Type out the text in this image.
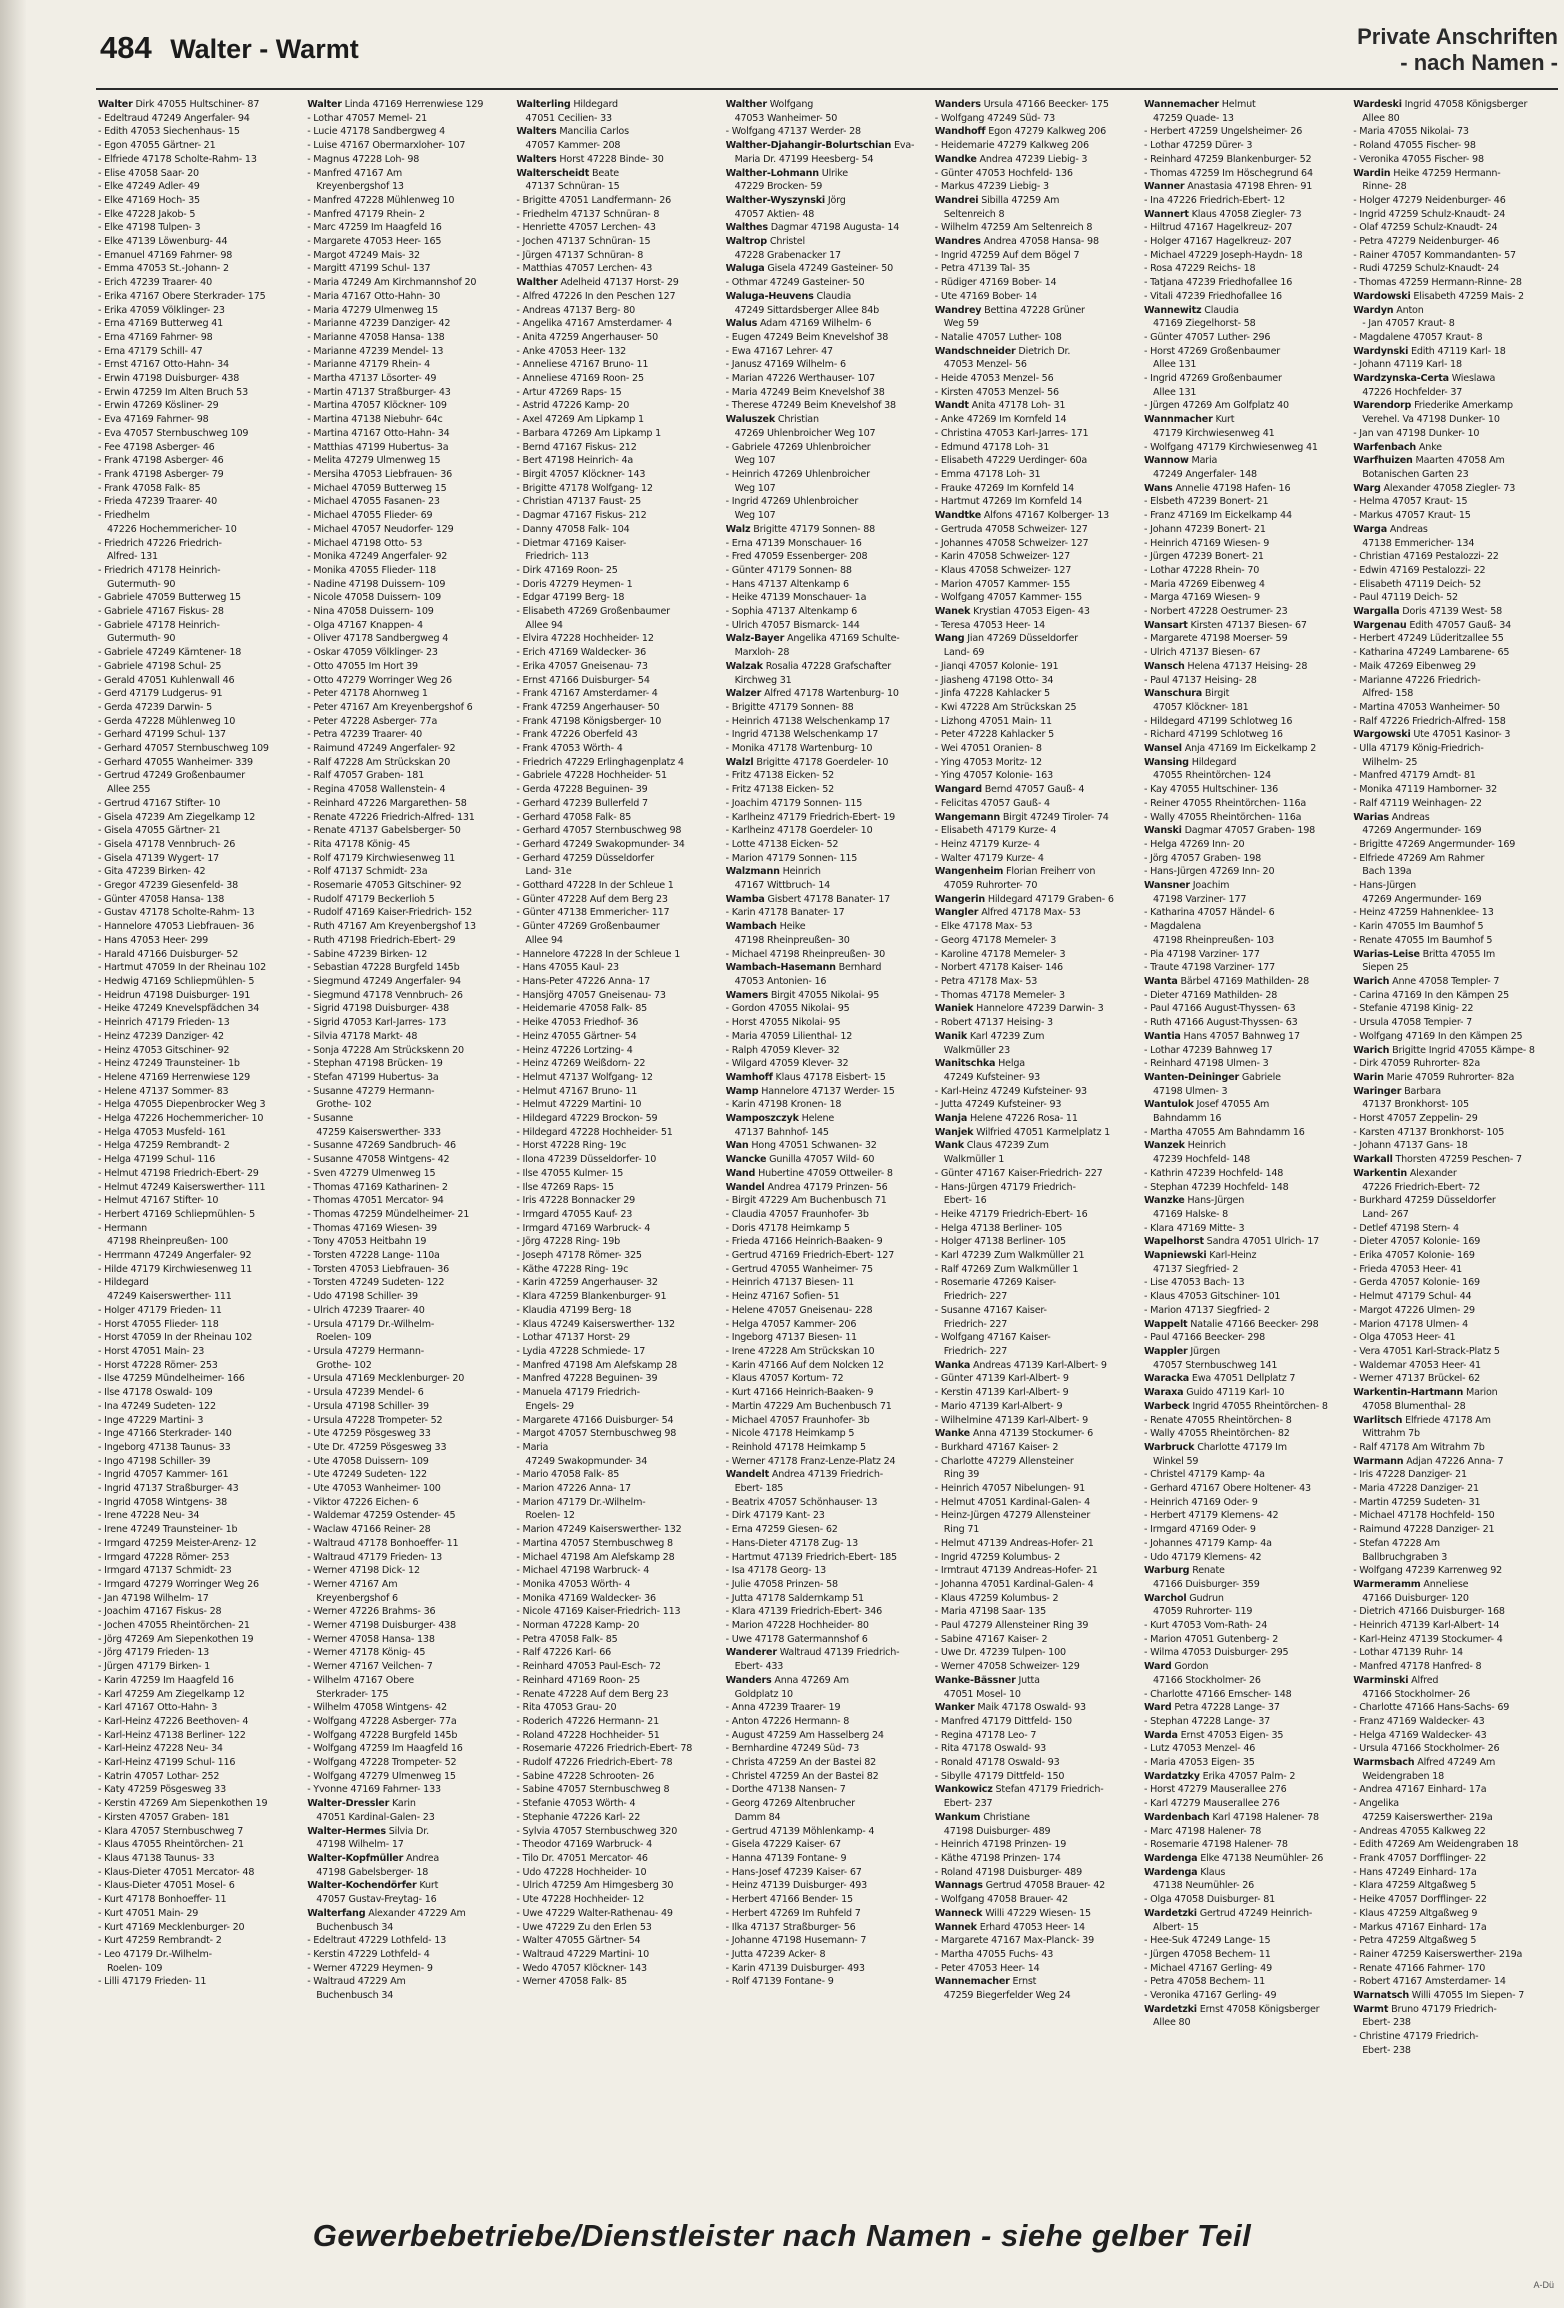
484 Walter - Warmt	Private Anschriften
- nach Namen -
Walter Dirk 47055 Hultschiner- 87
- Edeltraud 47249 Angerfaler- 94
- Edith 47053 Siechenhaus- 15
- Egon 47055 Gärtner- 21
- Elfriede 47178 Scholte-Rahm- 13
- Elise 47058 Saar- 20
- Elke 47249 Adler- 49
- Elke 47169 Hoch- 35
- Elke 47228 Jakob- 5
- Elke 47198 Tulpen- 3
- Elke 47139 Löwenburg- 44
- Emanuel 47169 Fahrner- 98
- Emma 47053 St.-Johann- 2
- Erich 47239 Traarer- 40
- Erika 47167 Obere Sterkrader- 175
- Erika 47059 Völklinger- 23
- Erna 47169 Butterweg 41
- Erna 47169 Fahrner- 98
- Erna 47179 Schill- 47
- Ernst 47167 Otto-Hahn- 34
- Erwin 47198 Duisburger- 438
- Erwin 47259 Im Alten Bruch 53
- Erwin 47269 Kösliner- 29
- Eva 47169 Fahrner- 98
- Eva 47057 Sternbuschweg 109
- Fee 47198 Asberger- 46
- Frank 47198 Asberger- 46
- Frank 47198 Asberger- 79
- Frank 47058 Falk- 85
- Frieda 47239 Traarer- 40
- Friedhelm
47226 Hochemmericher- 10
- Friedrich 47226 Friedrich-
Alfred- 131
- Friedrich 47178 Heinrich-
Gutermuth- 90
- Gabriele 47059 Butterweg 15
- Gabriele 47167 Fiskus- 28
- Gabriele 47178 Heinrich-
Gutermuth- 90
- Gabriele 47249 Kärntener- 18
- Gabriele 47198 Schul- 25
- Gerald 47051 Kuhlenwall 46
- Gerd 47179 Ludgerus- 91
- Gerda 47239 Darwin- 5
- Gerda 47228 Mühlenweg 10
- Gerhard 47199 Schul- 137
- Gerhard 47057 Sternbuschweg 109
- Gerhard 47055 Wanheimer- 339
- Gertrud 47249 Großenbaumer
Allee 255
- Gertrud 47167 Stifter- 10
- Gisela 47239 Am Ziegelkamp 12
- Gisela 47055 Gärtner- 21
- Gisela 47178 Vennbruch- 26
- Gisela 47139 Wygert- 17
- Gita 47239 Birken- 42
- Gregor 47239 Giesenfeld- 38
- Günter 47058 Hansa- 138
- Gustav 47178 Scholte-Rahm- 13
- Hannelore 47053 Liebfrauen- 36
- Hans 47053 Heer- 299
- Harald 47166 Duisburger- 52
- Hartmut 47059 In der Rheinau 102
- Hedwig 47169 Schliepmühlen- 5
- Heidrun 47198 Duisburger- 191
- Heike 47249 Knevelspfädchen 34
- Heinrich 47179 Frieden- 13
- Heinz 47239 Danziger- 42
- Heinz 47053 Gitschiner- 92
- Heinz 47249 Traunsteiner- 1b
- Helene 47169 Herrenwiese 129
- Helene 47137 Sommer- 83
- Helga 47055 Diepenbrocker Weg 3
- Helga 47226 Hochemmericher- 10
- Helga 47053 Musfeld- 161
- Helga 47259 Rembrandt- 2
- Helga 47199 Schul- 116
- Helmut 47198 Friedrich-Ebert- 29
- Helmut 47249 Kaiserswerther- 111
- Helmut 47167 Stifter- 10
- Herbert 47169 Schliepmühlen- 5
- Hermann
47198 Rheinpreußen- 100
- Herrmann 47249 Angerfaler- 92
- Hilde 47179 Kirchwiesenweg 11
- Hildegard
47249 Kaiserswerther- 111
- Holger 47179 Frieden- 11
- Horst 47055 Flieder- 118
- Horst 47059 In der Rheinau 102
- Horst 47051 Main- 23
- Horst 47228 Römer- 253
- Ilse 47259 Mündelheimer- 166
- Ilse 47178 Oswald- 109
- Ina 47249 Sudeten- 122
- Inge 47229 Martini- 3
- Inge 47166 Sterkrader- 140
- Ingeborg 47138 Taunus- 33
- Ingo 47198 Schiller- 39
- Ingrid 47057 Kammer- 161
- Ingrid 47137 Straßburger- 43
- Ingrid 47058 Wintgens- 38
- Irene 47228 Neu- 34
- Irene 47249 Traunsteiner- 1b
- Irmgard 47259 Meister-Arenz- 12
- Irmgard 47228 Römer- 253
- Irmgard 47137 Schmidt- 23
- Irmgard 47279 Worringer Weg 26
- Jan 47198 Wilhelm- 17
- Joachim 47167 Fiskus- 28
- Jochen 47055 Rheintörchen- 21
- Jörg 47269 Am Siepenkothen 19
- Jörg 47179 Frieden- 13
- Jürgen 47179 Birken- 1
- Karin 47259 Im Haagfeld 16
- Karl 47259 Am Ziegelkamp 12
- Karl 47167 Otto-Hahn- 3
- Karl-Heinz 47226 Beethoven- 4
- Karl-Heinz 47138 Berliner- 122
- Karl-Heinz 47228 Neu- 34
- Karl-Heinz 47199 Schul- 116
- Katrin 47057 Lothar- 252
- Katy 47259 Pösgesweg 33
- Kerstin 47269 Am Siepenkothen 19
- Kirsten 47057 Graben- 181
- Klara 47057 Sternbuschweg 7
- Klaus 47055 Rheintörchen- 21
- Klaus 47138 Taunus- 33
- Klaus-Dieter 47051 Mercator- 48
- Klaus-Dieter 47051 Mosel- 6
- Kurt 47178 Bonhoeffer- 11
- Kurt 47051 Main- 29
- Kurt 47169 Mecklenburger- 20
- Kurt 47259 Rembrandt- 2
- Leo 47179 Dr.-Wilhelm-
Roelen- 109
- Lilli 47179 Frieden- 11
Walter Linda 47169 Herrenwiese 129
- Lothar 47057 Memel- 21
- Lucie 47178 Sandbergweg 4
- Luise 47167 Obermarxloher- 107
- Magnus 47228 Loh- 98
- Manfred 47167 Am
Kreyenbergshof 13
- Manfred 47228 Mühlenweg 10
- Manfred 47179 Rhein- 2
- Marc 47259 Im Haagfeld 16
- Margarete 47053 Heer- 165
- Margot 47249 Mais- 32
- Margitt 47199 Schul- 137
- Maria 47249 Am Kirchmannshof 20
- Maria 47167 Otto-Hahn- 30
- Maria 47279 Ulmenweg 15
- Marianne 47239 Danziger- 42
- Marianne 47058 Hansa- 138
- Marianne 47239 Mendel- 13
- Marianne 47179 Rhein- 4
- Martha 47137 Lösorter- 49
- Martin 47137 Straßburger- 43
- Martina 47057 Klöckner- 109
- Martina 47138 Niebuhr- 64c
- Martina 47167 Otto-Hahn- 34
- Matthias 47199 Hubertus- 3a
- Melita 47279 Ulmenweg 15
- Mersiha 47053 Liebfrauen- 36
- Michael 47059 Butterweg 15
- Michael 47055 Fasanen- 23
- Michael 47055 Flieder- 69
- Michael 47057 Neudorfer- 129
- Michael 47198 Otto- 53
- Monika 47249 Angerfaler- 92
- Monika 47055 Flieder- 118
- Nadine 47198 Duissern- 109
- Nicole 47058 Duissern- 109
- Nina 47058 Duissern- 109
- Olga 47167 Knappen- 4
- Oliver 47178 Sandbergweg 4
- Oskar 47059 Völklinger- 23
- Otto 47055 Im Hort 39
- Otto 47279 Worringer Weg 26
- Peter 47178 Ahornweg 1
- Peter 47167 Am Kreyenbergshof 6
- Peter 47228 Asberger- 77a
- Petra 47239 Traarer- 40
- Raimund 47249 Angerfaler- 92
- Ralf 47228 Am Strückskan 20
- Ralf 47057 Graben- 181
- Regina 47058 Wallenstein- 4
- Reinhard 47226 Margarethen- 58
- Renate 47226 Friedrich-Alfred- 131
- Renate 47137 Gabelsberger- 50
- Rita 47178 König- 45
- Rolf 47179 Kirchwiesenweg 11
- Rolf 47137 Schmidt- 23a
- Rosemarie 47053 Gitschiner- 92
- Rudolf 47179 Beckerlioh 5
- Rudolf 47169 Kaiser-Friedrich- 152
- Ruth 47167 Am Kreyenbergshof 13
- Ruth 47198 Friedrich-Ebert- 29
- Sabine 47239 Birken- 12
- Sebastian 47228 Burgfeld 145b
- Siegmund 47249 Angerfaler- 94
- Siegmund 47178 Vennbruch- 26
- Sigrid 47198 Duisburger- 438
- Sigrid 47053 Karl-Jarres- 173
- Silvia 47178 Markt- 48
- Sonja 47228 Am Strückskenn 20
- Stephan 47198 Brücken- 19
- Stefan 47199 Hubertus- 3a
- Susanne 47279 Hermann-
Grothe- 102
- Susanne
47259 Kaiserswerther- 333
- Susanne 47269 Sandbruch- 46
- Susanne 47058 Wintgens- 42
- Sven 47279 Ulmenweg 15
- Thomas 47169 Katharinen- 2
- Thomas 47051 Mercator- 94
- Thomas 47259 Mündelheimer- 21
- Thomas 47169 Wiesen- 39
- Tony 47053 Heitbahn 19
- Torsten 47228 Lange- 110a
- Torsten 47053 Liebfrauen- 36
- Torsten 47249 Sudeten- 122
- Udo 47198 Schiller- 39
- Ulrich 47239 Traarer- 40
- Ursula 47179 Dr.-Wilhelm-
Roelen- 109
- Ursula 47279 Hermann-
Grothe- 102
- Ursula 47169 Mecklenburger- 20
- Ursula 47239 Mendel- 6
- Ursula 47198 Schiller- 39
- Ursula 47228 Trompeter- 52
- Ute 47259 Pösgesweg 33
- Ute Dr. 47259 Pösgesweg 33
- Ute 47058 Duissern- 109
- Ute 47249 Sudeten- 122
- Ute 47053 Wanheimer- 100
- Viktor 47226 Eichen- 6
- Waldemar 47259 Ostender- 45
- Waclaw 47166 Reiner- 28
- Waltraud 47178 Bonhoeffer- 11
- Waltraud 47179 Frieden- 13
- Werner 47198 Dick- 12
- Werner 47167 Am
Kreyenbergshof 6
- Werner 47226 Brahms- 36
- Werner 47198 Duisburger- 438
- Werner 47058 Hansa- 138
- Werner 47178 König- 45
- Werner 47167 Veilchen- 7
- Wilhelm 47167 Obere
Sterkrader- 175
- Wilhelm 47058 Wintgens- 42
- Wolfgang 47228 Asberger- 77a
- Wolfgang 47228 Burgfeld 145b
- Wolfgang 47259 Im Haagfeld 16
- Wolfgang 47228 Trompeter- 52
- Wolfgang 47279 Ulmenweg 15
- Yvonne 47169 Fahrner- 133
Walter-Dressler Karin
47051 Kardinal-Galen- 23
Walter-Hermes Silvia Dr.
47198 Wilhelm- 17
Walter-Kopfmüller Andrea
47198 Gabelsberger- 18
Walter-Kochendörfer Kurt
47057 Gustav-Freytag- 16
Walterfang Alexander 47229 Am
Buchenbusch 34
- Edeltraut 47229 Lothfeld- 13
- Kerstin 47229 Lothfeld- 4
- Werner 47229 Heymen- 9
- Waltraud 47229 Am
Buchenbusch 34
Walterling Hildegard
47051 Cecilien- 33
Walters Mancilia Carlos
47057 Kammer- 208
Walters Horst 47228 Binde- 30
Walterscheidt Beate
47137 Schnüran- 15
- Brigitte 47051 Landfermann- 26
- Friedhelm 47137 Schnüran- 8
- Henriette 47057 Lerchen- 43
- Jochen 47137 Schnüran- 15
- Jürgen 47137 Schnüran- 8
- Matthias 47057 Lerchen- 43
Walther Adelheid 47137 Horst- 29
- Alfred 47226 In den Peschen 127
- Andreas 47137 Berg- 80
- Angelika 47167 Amsterdamer- 4
- Anita 47259 Angerhauser- 50
- Anke 47053 Heer- 132
- Anneliese 47167 Bruno- 11
- Anneliese 47169 Roon- 25
- Artur 47269 Raps- 15
- Astrid 47226 Kamp- 20
- Axel 47269 Am Lipkamp 1
- Barbara 47269 Am Lipkamp 1
- Bernd 47167 Fiskus- 212
- Bert 47198 Heinrich- 4a
- Birgit 47057 Klöckner- 143
- Brigitte 47178 Wolfgang- 12
- Christian 47137 Faust- 25
- Dagmar 47167 Fiskus- 212
- Danny 47058 Falk- 104
- Dietmar 47169 Kaiser-
Friedrich- 113
- Dirk 47169 Roon- 25
- Doris 47279 Heymen- 1
- Edgar 47199 Berg- 18
- Elisabeth 47269 Großenbaumer
Allee 94
- Elvira 47228 Hochheider- 12
- Erich 47169 Waldecker- 36
- Erika 47057 Gneisenau- 73
- Ernst 47166 Duisburger- 54
- Frank 47167 Amsterdamer- 4
- Frank 47259 Angerhauser- 50
- Frank 47198 Königsberger- 10
- Frank 47226 Oberfeld 43
- Frank 47053 Wörth- 4
- Friedrich 47229 Erlinghagenplatz 4
- Gabriele 47228 Hochheider- 51
- Gerda 47228 Beguinen- 39
- Gerhard 47239 Bullerfeld 7
- Gerhard 47058 Falk- 85
- Gerhard 47057 Sternbuschweg 98
- Gerhard 47249 Swakopmunder- 34
- Gerhard 47259 Düsseldorfer
Land- 31e
- Gotthard 47228 In der Schleue 1
- Günter 47228 Auf dem Berg 23
- Günter 47138 Emmericher- 117
- Günter 47269 Großenbaumer
Allee 94
- Hannelore 47228 In der Schleue 1
- Hans 47055 Kaul- 23
- Hans-Peter 47226 Anna- 17
- Hansjörg 47057 Gneisenau- 73
- Heidemarie 47058 Falk- 85
- Heike 47053 Friedhof- 36
- Heinz 47055 Gärtner- 54
- Heinz 47226 Lortzing- 4
- Heinz 47269 Weißdorn- 22
- Helmut 47137 Wolfgang- 12
- Helmut 47167 Bruno- 11
- Helmut 47229 Martini- 10
- Hildegard 47229 Brockon- 59
- Hildegard 47228 Hochheider- 51
- Horst 47228 Ring- 19c
- Ilona 47239 Düsseldorfer- 10
- Ilse 47055 Kulmer- 15
- Ilse 47269 Raps- 15
- Iris 47228 Bonnacker 29
- Irmgard 47055 Kauf- 23
- Irmgard 47169 Warbruck- 4
- Jörg 47228 Ring- 19b
- Joseph 47178 Römer- 325
- Käthe 47228 Ring- 19c
- Karin 47259 Angerhauser- 32
- Klara 47259 Blankenburger- 91
- Klaudia 47199 Berg- 18
- Klaus 47249 Kaiserswerther- 132
- Lothar 47137 Horst- 29
- Lydia 47228 Schmiede- 17
- Manfred 47198 Am Alefskamp 28
- Manfred 47228 Beguinen- 39
- Manuela 47179 Friedrich-
Engels- 29
- Margarete 47166 Duisburger- 54
- Margot 47057 Sternbuschweg 98
- Maria
47249 Swakopmunder- 34
- Mario 47058 Falk- 85
- Marion 47226 Anna- 17
- Marion 47179 Dr.-Wilhelm-
Roelen- 12
- Marion 47249 Kaiserswerther- 132
- Martina 47057 Sternbuschweg 8
- Michael 47198 Am Alefskamp 28
- Michael 47198 Warbruck- 4
- Monika 47053 Wörth- 4
- Monika 47169 Waldecker- 36
- Nicole 47169 Kaiser-Friedrich- 113
- Norman 47228 Kamp- 20
- Petra 47058 Falk- 85
- Ralf 47226 Karl- 66
- Reinhard 47053 Paul-Esch- 72
- Reinhard 47169 Roon- 25
- Renate 47228 Auf dem Berg 23
- Rita 47053 Grau- 20
- Roderich 47226 Hermann- 21
- Roland 47228 Hochheider- 51
- Rosemarie 47226 Friedrich-Ebert- 78
- Rudolf 47226 Friedrich-Ebert- 78
- Sabine 47228 Schrooten- 26
- Sabine 47057 Sternbuschweg 8
- Stefanie 47053 Wörth- 4
- Stephanie 47226 Karl- 22
- Sylvia 47057 Sternbuschweg 320
- Theodor 47169 Warbruck- 4
- Tilo Dr. 47051 Mercator- 46
- Udo 47228 Hochheider- 10
- Ulrich 47259 Am Himgesberg 30
- Ute 47228 Hochheider- 12
- Uwe 47229 Walter-Rathenau- 49
- Uwe 47229 Zu den Erlen 53
- Walter 47055 Gärtner- 54
- Waltraud 47229 Martini- 10
- Wedo 47057 Klöckner- 143
- Werner 47058 Falk- 85
Walther Wolfgang
47053 Wanheimer- 50
- Wolfgang 47137 Werder- 28
Walther-Djahangir-Bolurtschian Eva-
Maria Dr. 47199 Heesberg- 54
Walther-Lohmann Ulrike
47229 Brocken- 59
Walther-Wyszynski Jörg
47057 Aktien- 48
Walthes Dagmar 47198 Augusta- 14
Waltrop Christel
47228 Grabenacker 17
Waluga Gisela 47249 Gasteiner- 50
- Othmar 47249 Gasteiner- 50
Waluga-Heuvens Claudia
47249 Sittardsberger Allee 84b
Walus Adam 47169 Wilhelm- 6
- Eugen 47249 Beim Knevelshof 38
- Ewa 47167 Lehrer- 47
- Janusz 47169 Wilhelm- 6
- Marian 47226 Werthauser- 107
- Maria 47249 Beim Knevelshof 38
- Therese 47249 Beim Knevelshof 38
Waluszek Christian
47269 Uhlenbroicher Weg 107
- Gabriele 47269 Uhlenbroicher
Weg 107
- Heinrich 47269 Uhlenbroicher
Weg 107
- Ingrid 47269 Uhlenbroicher
Weg 107
Walz Brigitte 47179 Sonnen- 88
- Erna 47139 Monschauer- 16
- Fred 47059 Essenberger- 208
- Günter 47179 Sonnen- 88
- Hans 47137 Altenkamp 6
- Heike 47139 Monschauer- 1a
- Sophia 47137 Altenkamp 6
- Ulrich 47057 Bismarck- 144
Walz-Bayer Angelika 47169 Schulte-
Marxloh- 28
Walzak Rosalia 47228 Grafschafter
Kirchweg 31
Walzer Alfred 47178 Wartenburg- 10
- Brigitte 47179 Sonnen- 88
- Heinrich 47138 Welschenkamp 17
- Ingrid 47138 Welschenkamp 17
- Monika 47178 Wartenburg- 10
Walzl Brigitte 47178 Goerdeler- 10
- Fritz 47138 Eicken- 52
- Fritz 47138 Eicken- 52
- Joachim 47179 Sonnen- 115
- Karlheinz 47179 Friedrich-Ebert- 19
- Karlheinz 47178 Goerdeler- 10
- Lotte 47138 Eicken- 52
- Marion 47179 Sonnen- 115
Walzmann Heinrich
47167 Wittbruch- 14
Wamba Gisbert 47178 Banater- 17
- Karin 47178 Banater- 17
Wambach Heike
47198 Rheinpreußen- 30
- Michael 47198 Rheinpreußen- 30
Wambach-Hasemann Bernhard
47053 Antonien- 16
Wamers Birgit 47055 Nikolai- 95
- Gordon 47055 Nikolai- 95
- Horst 47055 Nikolai- 95
- Maria 47059 Lilienthal- 12
- Ralph 47059 Klever- 32
- Wilgard 47059 Klever- 32
Wamhoff Klaus 47178 Eisbert- 15
Wamp Hannelore 47137 Werder- 15
- Karin 47198 Kronen- 18
Wamposzczyk Helene
47137 Bahnhof- 145
Wan Hong 47051 Schwanen- 32
Wancke Gunilla 47057 Wild- 60
Wand Hubertine 47059 Ottweiler- 8
Wandel Andrea 47179 Prinzen- 56
- Birgit 47229 Am Buchenbusch 71
- Claudia 47057 Fraunhofer- 3b
- Doris 47178 Heimkamp 5
- Frieda 47166 Heinrich-Baaken- 9
- Gertrud 47169 Friedrich-Ebert- 127
- Gertrud 47055 Wanheimer- 75
- Heinrich 47137 Biesen- 11
- Heinz 47167 Sofien- 51
- Helene 47057 Gneisenau- 228
- Helga 47057 Kammer- 206
- Ingeborg 47137 Biesen- 11
- Irene 47228 Am Strückskan 10
- Karin 47166 Auf dem Nolcken 12
- Klaus 47057 Kortum- 72
- Kurt 47166 Heinrich-Baaken- 9
- Martin 47229 Am Buchenbusch 71
- Michael 47057 Fraunhofer- 3b
- Nicole 47178 Heimkamp 5
- Reinhold 47178 Heimkamp 5
- Werner 47178 Franz-Lenze-Platz 24
Wandelt Andrea 47139 Friedrich-
Ebert- 185
- Beatrix 47057 Schönhauser- 13
- Dirk 47179 Kant- 23
- Erna 47259 Giesen- 62
- Hans-Dieter 47178 Zug- 13
- Hartmut 47139 Friedrich-Ebert- 185
- Isa 47178 Georg- 13
- Julie 47058 Prinzen- 58
- Jutta 47178 Saldernkamp 51
- Klara 47139 Friedrich-Ebert- 346
- Marion 47228 Hochheider- 80
- Uwe 47178 Gatermannshof 6
Wanderer Waltraud 47139 Friedrich-
Ebert- 433
Wanders Anna 47269 Am
Goldplatz 10
- Anna 47239 Traarer- 19
- Anton 47226 Hermann- 8
- August 47259 Am Hasselberg 24
- Bernhardine 47249 Süd- 73
- Christa 47259 An der Bastei 82
- Christel 47259 An der Bastei 82
- Dorthe 47138 Nansen- 7
- Georg 47269 Altenbrucher
Damm 84
- Gertrud 47139 Möhlenkamp- 4
- Gisela 47229 Kaiser- 67
- Hanna 47139 Fontane- 9
- Hans-Josef 47239 Kaiser- 67
- Heinz 47139 Duisburger- 493
- Herbert 47166 Bender- 15
- Herbert 47269 Im Ruhfeld 7
- Ilka 47137 Straßburger- 56
- Johanne 47198 Husemann- 7
- Jutta 47239 Acker- 8
- Karin 47139 Duisburger- 493
- Rolf 47139 Fontane- 9
Wanders Ursula 47166 Beecker- 175
- Wolfgang 47249 Süd- 73
Wandhoff Egon 47279 Kalkweg 206
- Heidemarie 47279 Kalkweg 206
Wandke Andrea 47239 Liebig- 3
- Günter 47053 Hochfeld- 136
- Markus 47239 Liebig- 3
Wandrei Sibilla 47259 Am
Seltenreich 8
- Wilhelm 47259 Am Seltenreich 8
Wandres Andrea 47058 Hansa- 98
- Ingrid 47259 Auf dem Bögel 7
- Petra 47139 Tal- 35
- Rüdiger 47169 Bober- 14
- Ute 47169 Bober- 14
Wandrey Bettina 47228 Grüner
Weg 59
- Natalie 47057 Luther- 108
Wandschneider Dietrich Dr.
47053 Menzel- 56
- Heide 47053 Menzel- 56
- Kirsten 47053 Menzel- 56
Wandt Anita 47178 Loh- 31
- Anke 47269 Im Kornfeld 14
- Christina 47053 Karl-Jarres- 171
- Edmund 47178 Loh- 31
- Elisabeth 47229 Uerdinger- 60a
- Emma 47178 Loh- 31
- Frauke 47269 Im Kornfeld 14
- Hartmut 47269 Im Kornfeld 14
Wandtke Alfons 47167 Kolberger- 13
- Gertruda 47058 Schweizer- 127
- Johannes 47058 Schweizer- 127
- Karin 47058 Schweizer- 127
- Klaus 47058 Schweizer- 127
- Marion 47057 Kammer- 155
- Wolfgang 47057 Kammer- 155
Wanek Krystian 47053 Eigen- 43
- Teresa 47053 Heer- 14
Wang Jian 47269 Düsseldorfer
Land- 69
- Jianqi 47057 Kolonie- 191
- Jiasheng 47198 Otto- 34
- Jinfa 47228 Kahlacker 5
- Kwi 47228 Am Strückskan 25
- Lizhong 47051 Main- 11
- Peter 47228 Kahlacker 5
- Wei 47051 Oranien- 8
- Ying 47053 Moritz- 12
- Ying 47057 Kolonie- 163
Wangard Bernd 47057 Gauß- 4
- Felicitas 47057 Gauß- 4
Wangemann Birgit 47249 Tiroler- 74
- Elisabeth 47179 Kurze- 4
- Heinz 47179 Kurze- 4
- Walter 47179 Kurze- 4
Wangenheim Florian Freiherr von
47059 Ruhrorter- 70
Wangerin Hildegard 47179 Graben- 6
Wangler Alfred 47178 Max- 53
- Elke 47178 Max- 53
- Georg 47178 Memeler- 3
- Karoline 47178 Memeler- 3
- Norbert 47178 Kaiser- 146
- Petra 47178 Max- 53
- Thomas 47178 Memeler- 3
Waniek Hannelore 47239 Darwin- 3
- Robert 47137 Heising- 3
Wanik Karl 47239 Zum
Walkmüller 23
Wanitschka Helga
47249 Kufsteiner- 93
- Karl-Heinz 47249 Kufsteiner- 93
- Jutta 47249 Kufsteiner- 93
Wanja Helene 47226 Rosa- 11
Wanjek Wilfried 47051 Karmelplatz 1
Wank Claus 47239 Zum
Walkmüller 1
- Günter 47167 Kaiser-Friedrich- 227
- Hans-Jürgen 47179 Friedrich-
Ebert- 16
- Heike 47179 Friedrich-Ebert- 16
- Helga 47138 Berliner- 105
- Holger 47138 Berliner- 105
- Karl 47239 Zum Walkmüller 21
- Ralf 47269 Zum Walkmüller 1
- Rosemarie 47269 Kaiser-
Friedrich- 227
- Susanne 47167 Kaiser-
Friedrich- 227
- Wolfgang 47167 Kaiser-
Friedrich- 227
Wanka Andreas 47139 Karl-Albert- 9
- Günter 47139 Karl-Albert- 9
- Kerstin 47139 Karl-Albert- 9
- Mario 47139 Karl-Albert- 9
- Wilhelmine 47139 Karl-Albert- 9
Wanke Anna 47139 Stockumer- 6
- Burkhard 47167 Kaiser- 2
- Charlotte 47279 Allensteiner
Ring 39
- Heinrich 47057 Nibelungen- 91
- Helmut 47051 Kardinal-Galen- 4
- Heinz-Jürgen 47279 Allensteiner
Ring 71
- Helmut 47139 Andreas-Hofer- 21
- Ingrid 47259 Kolumbus- 2
- Irmtraut 47139 Andreas-Hofer- 21
- Johanna 47051 Kardinal-Galen- 4
- Klaus 47259 Kolumbus- 2
- Maria 47198 Saar- 135
- Paul 47279 Allensteiner Ring 39
- Sabine 47167 Kaiser- 2
- Uwe Dr. 47239 Tulpen- 100
- Werner 47058 Schweizer- 129
Wanke-Bässner Jutta
47051 Mosel- 10
Wanker Maik 47178 Oswald- 93
- Manfred 47179 Dittfeld- 150
- Regina 47178 Leo- 7
- Rita 47178 Oswald- 93
- Ronald 47178 Oswald- 93
- Sibylle 47179 Dittfeld- 150
Wankowicz Stefan 47179 Friedrich-
Ebert- 237
Wankum Christiane
47198 Duisburger- 489
- Heinrich 47198 Prinzen- 19
- Käthe 47198 Prinzen- 174
- Roland 47198 Duisburger- 489
Wannags Gertrud 47058 Brauer- 42
- Wolfgang 47058 Brauer- 42
Wanneck Willi 47229 Wiesen- 15
Wannek Erhard 47053 Heer- 14
- Margarete 47167 Max-Planck- 39
- Martha 47055 Fuchs- 43
- Peter 47053 Heer- 14
Wannemacher Ernst
47259 Biegerfelder Weg 24
Wannemacher Helmut
47259 Quade- 13
- Herbert 47259 Ungelsheimer- 26
- Lothar 47259 Dürer- 3
- Reinhard 47259 Blankenburger- 52
- Thomas 47259 Im Höschegrund 64
Wanner Anastasia 47198 Ehren- 91
- Ina 47226 Friedrich-Ebert- 12
Wannert Klaus 47058 Ziegler- 73
- Hiltrud 47167 Hagelkreuz- 207
- Holger 47167 Hagelkreuz- 207
- Michael 47229 Joseph-Haydn- 18
- Rosa 47229 Reichs- 18
- Tatjana 47239 Friedhofallee 16
- Vitali 47239 Friedhofallee 16
Wannewitz Claudia
47169 Ziegelhorst- 58
- Günter 47057 Luther- 296
- Horst 47269 Großenbaumer
Allee 131
- Ingrid 47269 Großenbaumer
Allee 131
- Jürgen 47269 Am Golfplatz 40
Wannmacher Kurt
47179 Kirchwiesenweg 41
- Wolfgang 47179 Kirchwiesenweg 41
Wannow Maria
47249 Angerfaler- 148
Wans Annelie 47198 Hafen- 16
- Elsbeth 47239 Bonert- 21
- Franz 47169 Im Eickelkamp 44
- Johann 47239 Bonert- 21
- Heinrich 47169 Wiesen- 9
- Jürgen 47239 Bonert- 21
- Lothar 47228 Rhein- 70
- Maria 47269 Eibenweg 4
- Marga 47169 Wiesen- 9
- Norbert 47228 Oestrumer- 23
Wansart Kirsten 47137 Biesen- 67
- Margarete 47198 Moerser- 59
- Ulrich 47137 Biesen- 67
Wansch Helena 47137 Heising- 28
- Paul 47137 Heising- 28
Wanschura Birgit
47057 Klöckner- 181
- Hildegard 47199 Schlotweg 16
- Richard 47199 Schlotweg 16
Wansel Anja 47169 Im Eickelkamp 2
Wansing Hildegard
47055 Rheintörchen- 124
- Kay 47055 Hultschiner- 136
- Reiner 47055 Rheintörchen- 116a
- Wally 47055 Rheintörchen- 116a
Wanski Dagmar 47057 Graben- 198
- Helga 47269 Inn- 20
- Jörg 47057 Graben- 198
- Hans-Jürgen 47269 Inn- 20
Wansner Joachim
47198 Varziner- 177
- Katharina 47057 Händel- 6
- Magdalena
47198 Rheinpreußen- 103
- Pia 47198 Varziner- 177
- Traute 47198 Varziner- 177
Wanta Bärbel 47169 Mathilden- 28
- Dieter 47169 Mathilden- 28
- Paul 47166 August-Thyssen- 63
- Ruth 47166 August-Thyssen- 63
Wantia Hans 47057 Bahnweg 17
- Lothar 47239 Bahnweg 17
- Reinhard 47198 Ulmen- 3
Wanten-Deininger Gabriele
47198 Ulmen- 3
Wantulok Josef 47055 Am
Bahndamm 16
- Martha 47055 Am Bahndamm 16
Wanzek Heinrich
47239 Hochfeld- 148
- Kathrin 47239 Hochfeld- 148
- Stephan 47239 Hochfeld- 148
Wanzke Hans-Jürgen
47169 Halske- 8
- Klara 47169 Mitte- 3
Wapelhorst Sandra 47051 Ulrich- 17
Wapniewski Karl-Heinz
47137 Siegfried- 2
- Lise 47053 Bach- 13
- Klaus 47053 Gitschiner- 101
- Marion 47137 Siegfried- 2
Wappelt Natalie 47166 Beecker- 298
- Paul 47166 Beecker- 298
Wappler Jürgen
47057 Sternbuschweg 141
Waracka Ewa 47051 Dellplatz 7
Waraxa Guido 47119 Karl- 10
Warbeck Ingrid 47055 Rheintörchen- 8
- Renate 47055 Rheintörchen- 8
- Wally 47055 Rheintörchen- 82
Warbruck Charlotte 47179 Im
Winkel 59
- Christel 47179 Kamp- 4a
- Gerhard 47167 Obere Holtener- 43
- Heinrich 47169 Oder- 9
- Herbert 47179 Klemens- 42
- Irmgard 47169 Oder- 9
- Johannes 47179 Kamp- 4a
- Udo 47179 Klemens- 42
Warburg Renate
47166 Duisburger- 359
Warchol Gudrun
47059 Ruhrorter- 119
- Kurt 47053 Vom-Rath- 24
- Marion 47051 Gutenberg- 2
- Wilma 47053 Duisburger- 295
Ward Gordon
47166 Stockholmer- 26
- Charlotte 47166 Emscher- 148
Ward Petra 47228 Lange- 37
- Stephan 47228 Lange- 37
Warda Ernst 47053 Eigen- 35
- Lutz 47053 Menzel- 46
- Maria 47053 Eigen- 35
Wardatzky Erika 47057 Palm- 2
- Horst 47279 Mauserallee 276
- Karl 47279 Mauserallee 276
Wardenbach Karl 47198 Halener- 78
- Marc 47198 Halener- 78
- Rosemarie 47198 Halener- 78
Wardenga Elke 47138 Neumühler- 26
Wardenga Klaus
47138 Neumühler- 26
- Olga 47058 Duisburger- 81
Wardetzki Gertrud 47249 Heinrich-
Albert- 15
- Hee-Suk 47249 Lange- 15
- Jürgen 47058 Bechem- 11
- Michael 47167 Gerling- 49
- Petra 47058 Bechem- 11
- Veronika 47167 Gerling- 49
Wardetzki Ernst 47058 Königsberger
Allee 80
Wardeski Ingrid 47058 Königsberger
Allee 80
- Maria 47055 Nikolai- 73
- Roland 47055 Fischer- 98
- Veronika 47055 Fischer- 98
Wardin Heike 47259 Hermann-
Rinne- 28
- Holger 47279 Neidenburger- 46
- Ingrid 47259 Schulz-Knaudt- 24
- Olaf 47259 Schulz-Knaudt- 24
- Petra 47279 Neidenburger- 46
- Rainer 47057 Kommandanten- 57
- Rudi 47259 Schulz-Knaudt- 24
- Thomas 47259 Hermann-Rinne- 28
Wardowski Elisabeth 47259 Mais- 2
Wardyn Anton
- Jan 47057 Kraut- 8
- Magdalene 47057 Kraut- 8
Wardynski Edith 47119 Karl- 18
- Johann 47119 Karl- 18
Wardzynska-Certa Wieslawa
47226 Hochfelder- 37
Warendorp Friederike Amerkamp
Verehel. Va 47198 Dunker- 10
- Jan van 47198 Dunker- 10
Warfenbach Anke
Warfhuizen Maarten 47058 Am
Botanischen Garten 23
Warg Alexander 47058 Ziegler- 73
- Helma 47057 Kraut- 15
- Markus 47057 Kraut- 15
Warga Andreas
47138 Emmericher- 134
- Christian 47169 Pestalozzi- 22
- Edwin 47169 Pestalozzi- 22
- Elisabeth 47119 Deich- 52
- Paul 47119 Deich- 52
Wargalla Doris 47139 West- 58
Wargenau Edith 47057 Gauß- 34
- Herbert 47249 Lüderitzallee 55
- Katharina 47249 Lambarene- 65
- Maik 47269 Eibenweg 29
- Marianne 47226 Friedrich-
Alfred- 158
- Martina 47053 Wanheimer- 50
- Ralf 47226 Friedrich-Alfred- 158
Wargowski Ute 47051 Kasinor- 3
- Ulla 47179 König-Friedrich-
Wilhelm- 25
- Manfred 47179 Arndt- 81
- Monika 47119 Hamborner- 32
- Ralf 47119 Weinhagen- 22
Warias Andreas
47269 Angermunder- 169
- Brigitte 47269 Angermunder- 169
- Elfriede 47269 Am Rahmer
Bach 139a
- Hans-Jürgen
47269 Angermunder- 169
- Heinz 47259 Hahnenklee- 13
- Karin 47055 Im Baumhof 5
- Renate 47055 Im Baumhof 5
Warias-Leise Britta 47055 Im
Siepen 25
Warich Anne 47058 Templer- 7
- Carina 47169 In den Kämpen 25
- Stefanie 47198 Kinig- 22
- Ursula 47058 Tempier- 7
- Wolfgang 47169 In den Kämpen 25
Warich Brigitte Ingrid 47055 Kämpe- 8
- Dirk 47059 Ruhrorter- 82a
Warin Marie 47059 Ruhrorter- 82a
Waringer Barbara
47137 Bronkhorst- 105
- Horst 47057 Zeppelin- 29
- Karsten 47137 Bronkhorst- 105
- Johann 47137 Gans- 18
Warkall Thorsten 47259 Peschen- 7
Warkentin Alexander
47226 Friedrich-Ebert- 72
- Burkhard 47259 Düsseldorfer
Land- 267
- Detlef 47198 Stern- 4
- Dieter 47057 Kolonie- 169
- Erika 47057 Kolonie- 169
- Frieda 47053 Heer- 41
- Gerda 47057 Kolonie- 169
- Helmut 47179 Schul- 44
- Margot 47226 Ulmen- 29
- Marion 47178 Ulmen- 4
- Olga 47053 Heer- 41
- Vera 47051 Karl-Strack-Platz 5
- Waldemar 47053 Heer- 41
- Werner 47137 Brückel- 62
Warkentin-Hartmann Marion
47058 Blumenthal- 28
Warlitsch Elfriede 47178 Am
Wittrahm 7b
- Ralf 47178 Am Witrahm 7b
Warmann Adjan 47226 Anna- 7
- Iris 47228 Danziger- 21
- Maria 47228 Danziger- 21
- Martin 47259 Sudeten- 31
- Michael 47178 Hochfeld- 150
- Raimund 47228 Danziger- 21
- Stefan 47228 Am
Ballbruchgraben 3
- Wolfgang 47239 Karrenweg 92
Warmeramm Anneliese
47166 Duisburger- 120
- Dietrich 47166 Duisburger- 168
- Heinrich 47139 Karl-Albert- 14
- Karl-Heinz 47139 Stockumer- 4
- Lothar 47139 Ruhr- 14
- Manfred 47178 Hanfred- 8
Warminski Alfred
47166 Stockholmer- 26
- Charlotte 47166 Hans-Sachs- 69
- Franz 47169 Waldecker- 43
- Helga 47169 Waldecker- 43
- Ursula 47166 Stockholmer- 26
Warmsbach Alfred 47249 Am
Weidengraben 18
- Andrea 47167 Einhard- 17a
- Angelika
47259 Kaiserswerther- 219a
- Andreas 47055 Kalkweg 22
- Edith 47269 Am Weidengraben 18
- Frank 47057 Dorfflinger- 22
- Hans 47249 Einhard- 17a
- Klara 47259 Altgaßweg 5
- Heike 47057 Dorfflinger- 22
- Klaus 47259 Altgaßweg 9
- Markus 47167 Einhard- 17a
- Petra 47259 Altgaßweg 5
- Rainer 47259 Kaiserswerther- 219a
- Renate 47166 Fahrner- 170
- Robert 47167 Amsterdamer- 14
Warnatsch Willi 47055 Im Siepen- 7
Warmt Bruno 47179 Friedrich-
Ebert- 238
- Christine 47179 Friedrich-
Ebert- 238
Gewerbebetriebe/Dienstleister nach Namen - siehe gelber Teil
A-Dü
